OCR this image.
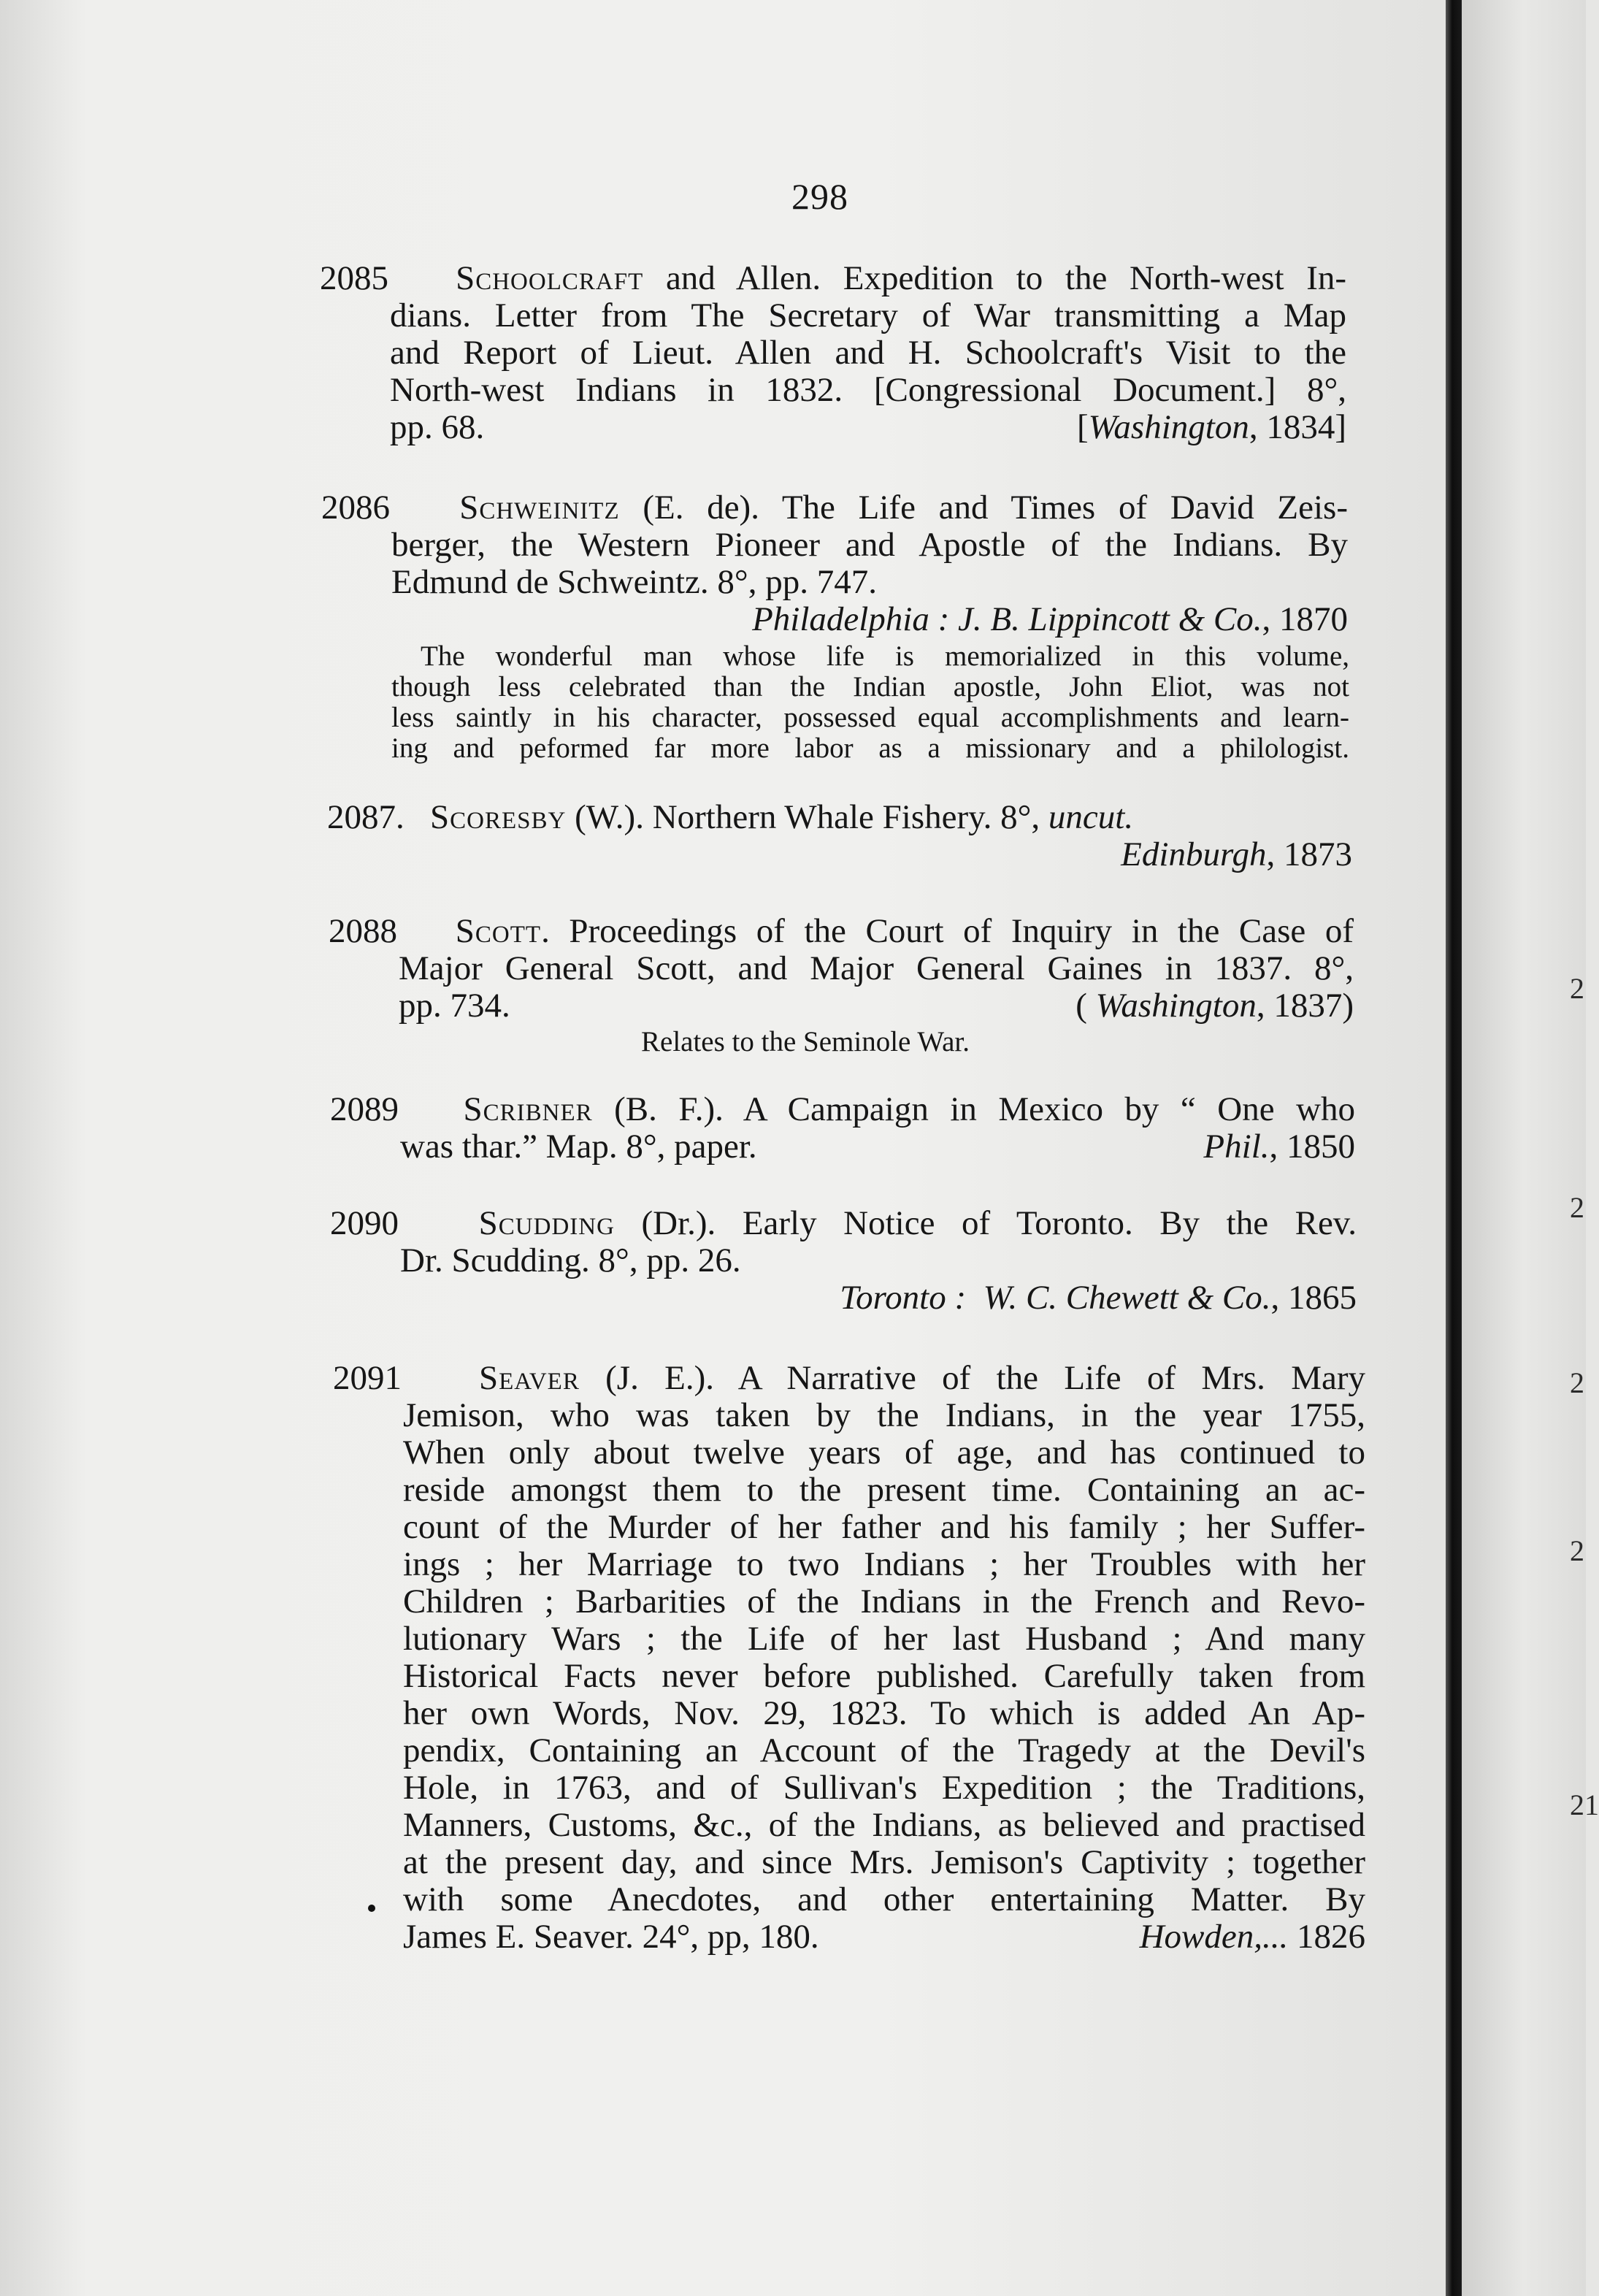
298
2085 Schoolcraft and Allen. Expedition to the North-west In-
dians. Letter from The Secretary of War transmitting a Map
and Report of Lieut. Allen and H. Schoolcraft's Visit to the
North-west Indians in 1832. [Congressional Document.] 8°,
pp. 68.	[Washington, 1834]
2086 Schweinitz (E. de). The Life and Times of David Zeis-
berger, the Western Pioneer and Apostle of the Indians. By
Edmund de Schweintz. 8°, pp. 747.
Philadelphia : J. B. Lippincott & Co., 1870
The wonderful man whose life is memorialized in this volume,
though less celebrated than the Indian apostle, John Eliot, was not
less saintly in his character, possessed equal accomplishments and learn-
ing and peformed far more labor as a missionary and a philologist.
2087. Scoresby (W.). Northern Whale Fishery. 8°, uncut.
Edinburgh, 1873
2088 Scott. Proceedings of the Court of Inquiry in the Case of
Major General Scott, and Major General Gaines in 1837. 8°,
pp. 734.	( Washington, 1837)
Relates to the Seminole War.
2089 Scribner (B. F.). A Campaign in Mexico by “ One who
was thar.” Map. 8°, paper.	Phil., 1850
2090 Scudding (Dr.). Early Notice of Toronto. By the Rev.
Dr. Scudding. 8°, pp. 26.
Toronto : W. C. Chewett & Co., 1865
2091 Seaver (J. E.). A Narrative of the Life of Mrs. Mary
Jemison, who was taken by the Indians, in the year 1755,
When only about twelve years of age, and has continued to
reside amongst them to the present time. Containing an ac-
count of the Murder of her father and his family ; her Suffer-
ings ; her Marriage to two Indians ; her Troubles with her
Children ; Barbarities of the Indians in the French and Revo-
lutionary Wars ; the Life of her last Husband ; And many
Historical Facts never before published. Carefully taken from
her own Words, Nov. 29, 1823. To which is added An Ap-
pendix, Containing an Account of the Tragedy at the Devil's
Hole, in 1763, and of Sullivan's Expedition ; the Traditions,
Manners, Customs, &c., of the Indians, as believed and practised
at the present day, and since Mrs. Jemison's Captivity ; together
with some Anecdotes, and other entertaining Matter. By
James E. Seaver. 24°, pp, 180.	Howden,... 1826
2
2
2
2
21
